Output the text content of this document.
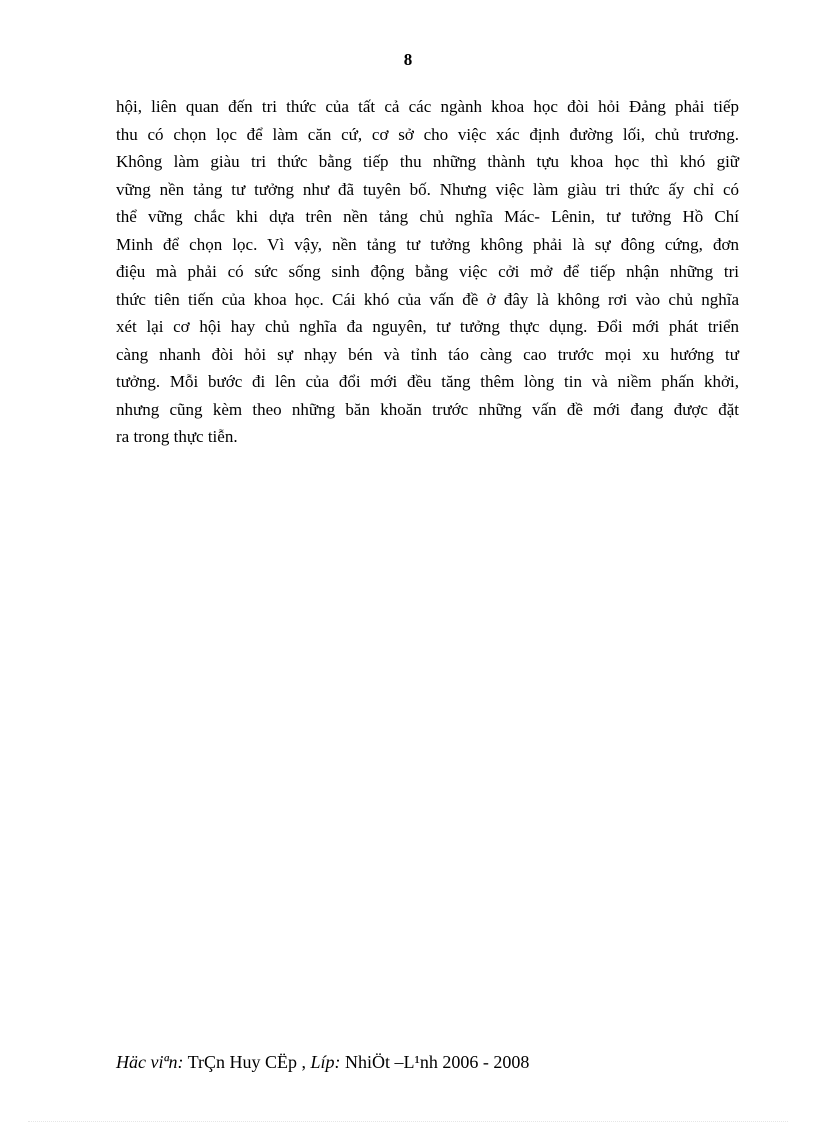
8
hội, liên quan đến tri thức của tất cả các ngành khoa học đòi hỏi Đảng phải tiếp
thu có chọn lọc để làm căn cứ, cơ sở cho việc xác định đường lối, chủ trương.
Không làm giàu tri thức bằng tiếp thu những thành tựu khoa học thì khó giữ
vững nền tảng tư tưởng như đã tuyên bố. Nhưng việc làm giàu tri thức ấy chỉ có
thể vững chắc khi dựa trên nền tảng chủ nghĩa Mác- Lênin, tư tưởng Hồ Chí
Minh để chọn lọc. Vì vậy, nền tảng tư tưởng không phải là sự đông cứng, đơn
điệu mà phải có sức sống sinh động bằng việc cởi mở để tiếp nhận những tri
thức tiên tiến của khoa học. Cái khó của vấn đề ở đây là không rơi vào chủ nghĩa
xét lại cơ hội hay chủ nghĩa đa nguyên, tư tưởng thực dụng. Đổi mới phát triển
càng nhanh đòi hỏi sự nhạy bén và tỉnh táo càng cao trước mọi xu hướng tư
tưởng. Mỗi bước đi lên của đổi mới đều tăng thêm lòng tin và niềm phấn khởi,
nhưng cũng kèm theo những băn khoăn trước những vấn đề mới đang được đặt
ra trong thực tiễn.
Häc viªn: TrÇn Huy CËp , Líp: NhiÖt –L¹nh 2006 - 2008
